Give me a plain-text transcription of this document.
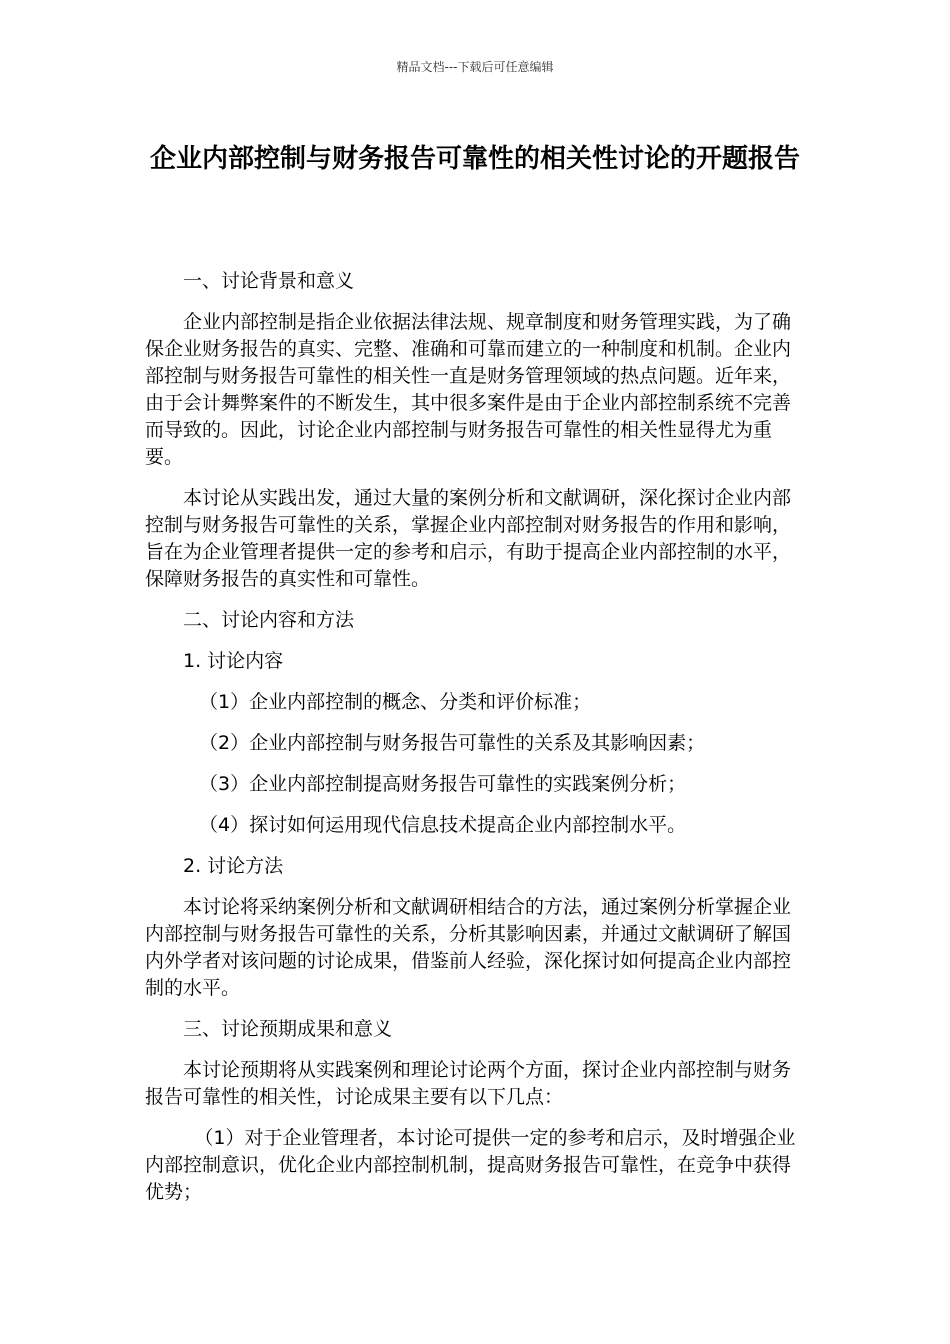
精品文档---下载后可任意编辑
企业内部控制与财务报告可靠性的相关性讨论的开题报告

一、讨论背景和意义

企业内部控制是指企业依据法律法规、规章制度和财务管理实践，为了确保企业财务报告的真实、完整、准确和可靠而建立的一种制度和机制。企业内部控制与财务报告可靠性的相关性一直是财务管理领域的热点问题。近年来，由于会计舞弊案件的不断发生，其中很多案件是由于企业内部控制系统不完善而导致的。因此，讨论企业内部控制与财务报告可靠性的相关性显得尤为重要。

本讨论从实践出发，通过大量的案例分析和文献调研，深化探讨企业内部控制与财务报告可靠性的关系，掌握企业内部控制对财务报告的作用和影响，旨在为企业管理者提供一定的参考和启示，有助于提高企业内部控制的水平，保障财务报告的真实性和可靠性。

二、讨论内容和方法

1. 讨论内容

（1）企业内部控制的概念、分类和评价标准；

（2）企业内部控制与财务报告可靠性的关系及其影响因素；

（3）企业内部控制提高财务报告可靠性的实践案例分析；

（4）探讨如何运用现代信息技术提高企业内部控制水平。

2. 讨论方法

本讨论将采纳案例分析和文献调研相结合的方法，通过案例分析掌握企业内部控制与财务报告可靠性的关系，分析其影响因素，并通过文献调研了解国内外学者对该问题的讨论成果，借鉴前人经验，深化探讨如何提高企业内部控制的水平。

三、讨论预期成果和意义

本讨论预期将从实践案例和理论讨论两个方面，探讨企业内部控制与财务报告可靠性的相关性，讨论成果主要有以下几点：

（1）对于企业管理者，本讨论可提供一定的参考和启示，及时增强企业内部控制意识，优化企业内部控制机制，提高财务报告可靠性，在竞争中获得优势；
